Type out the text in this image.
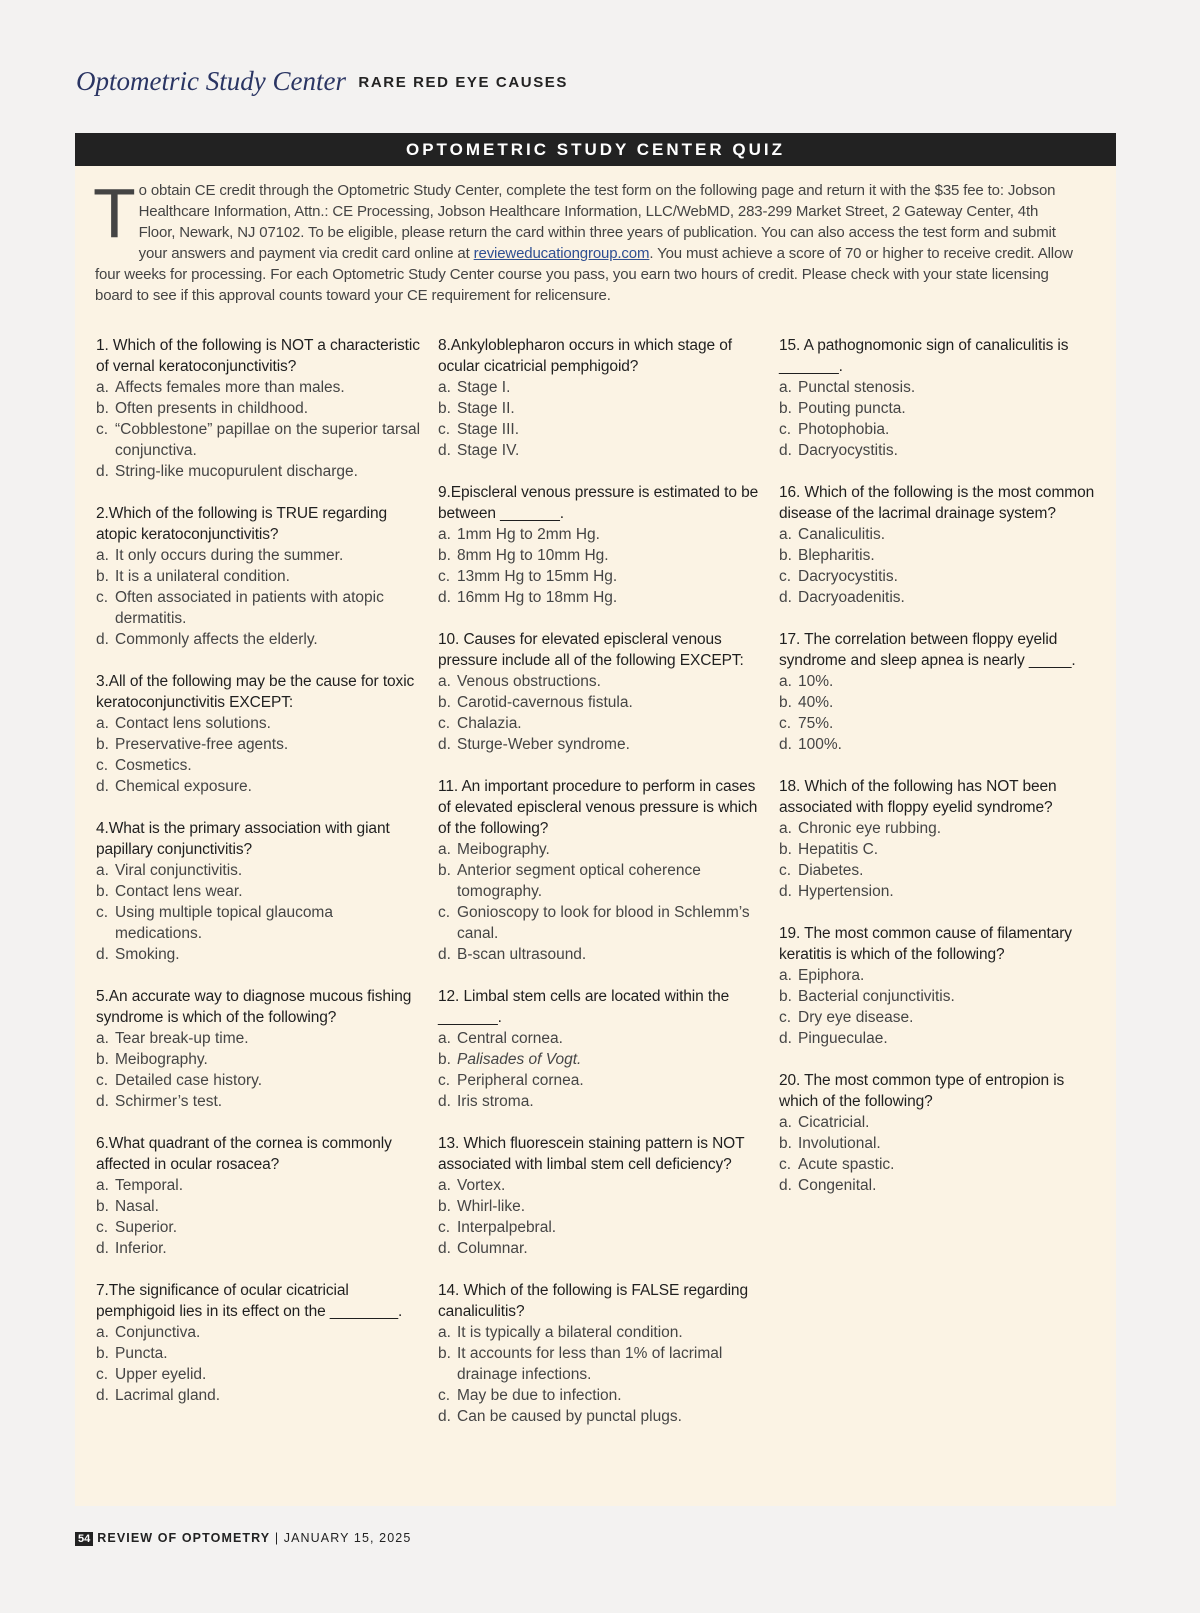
Optometric Study Center RARE RED EYE CAUSES
OPTOMETRIC STUDY CENTER QUIZ
To obtain CE credit through the Optometric Study Center, complete the test form on the following page and return it with the $35 fee to: Jobson Healthcare Information, Attn.: CE Processing, Jobson Healthcare Information, LLC/WebMD, 283-299 Market Street, 2 Gateway Center, 4th Floor, Newark, NJ 07102. To be eligible, please return the card within three years of publication. You can also access the test form and submit your answers and payment via credit card online at revieweducationgroup.com. You must achieve a score of 70 or higher to receive credit. Allow four weeks for processing. For each Optometric Study Center course you pass, you earn two hours of credit. Please check with your state licensing board to see if this approval counts toward your CE requirement for relicensure.
1. Which of the following is NOT a characteristic of vernal keratoconjunctivitis?
a. Affects females more than males.
b. Often presents in childhood.
c. “Cobblestone” papillae on the superior tarsal conjunctiva.
d. String-like mucopurulent discharge.
2.Which of the following is TRUE regarding atopic keratoconjunctivitis?
a. It only occurs during the summer.
b. It is a unilateral condition.
c. Often associated in patients with atopic dermatitis.
d. Commonly affects the elderly.
3.All of the following may be the cause for toxic keratoconjunctivitis EXCEPT:
a. Contact lens solutions.
b. Preservative-free agents.
c. Cosmetics.
d. Chemical exposure.
4.What is the primary association with giant papillary conjunctivitis?
a. Viral conjunctivitis.
b. Contact lens wear.
c. Using multiple topical glaucoma medications.
d. Smoking.
5.An accurate way to diagnose mucous fishing syndrome is which of the following?
a. Tear break-up time.
b. Meibography.
c. Detailed case history.
d. Schirmer’s test.
6.What quadrant of the cornea is commonly affected in ocular rosacea?
a. Temporal.
b. Nasal.
c. Superior.
d. Inferior.
7.The significance of ocular cicatricial pemphigoid lies in its effect on the ________.
a. Conjunctiva.
b. Puncta.
c. Upper eyelid.
d. Lacrimal gland.
8.Ankyloblepharon occurs in which stage of ocular cicatricial pemphigoid?
a. Stage I.
b. Stage II.
c. Stage III.
d. Stage IV.
9.Episcleral venous pressure is estimated to be between _______.
a. 1mm Hg to 2mm Hg.
b. 8mm Hg to 10mm Hg.
c. 13mm Hg to 15mm Hg.
d. 16mm Hg to 18mm Hg.
10. Causes for elevated episcleral venous pressure include all of the following EXCEPT:
a. Venous obstructions.
b. Carotid-cavernous fistula.
c. Chalazia.
d. Sturge-Weber syndrome.
11. An important procedure to perform in cases of elevated episcleral venous pressure is which of the following?
a. Meibography.
b. Anterior segment optical coherence tomography.
c. Gonioscopy to look for blood in Schlemm’s canal.
d. B-scan ultrasound.
12. Limbal stem cells are located within the _______.
a. Central cornea.
b. Palisades of Vogt.
c. Peripheral cornea.
d. Iris stroma.
13. Which fluorescein staining pattern is NOT associated with limbal stem cell deficiency?
a. Vortex.
b. Whirl-like.
c. Interpalpebral.
d. Columnar.
14. Which of the following is FALSE regarding canaliculitis?
a. It is typically a bilateral condition.
b. It accounts for less than 1% of lacrimal drainage infections.
c. May be due to infection.
d. Can be caused by punctal plugs.
15. A pathognomonic sign of canaliculitis is _______.
a. Punctal stenosis.
b. Pouting puncta.
c. Photophobia.
d. Dacryocystitis.
16. Which of the following is the most common disease of the lacrimal drainage system?
a. Canaliculitis.
b. Blepharitis.
c. Dacryocystitis.
d. Dacryoadenitis.
17. The correlation between floppy eyelid syndrome and sleep apnea is nearly _____.
a. 10%.
b. 40%.
c. 75%.
d. 100%.
18. Which of the following has NOT been associated with floppy eyelid syndrome?
a. Chronic eye rubbing.
b. Hepatitis C.
c. Diabetes.
d. Hypertension.
19. The most common cause of filamentary keratitis is which of the following?
a. Epiphora.
b. Bacterial conjunctivitis.
c. Dry eye disease.
d. Pingueculae.
20. The most common type of entropion is which of the following?
a. Cicatricial.
b. Involutional.
c. Acute spastic.
d. Congenital.
54 REVIEW OF OPTOMETRY | JANUARY 15, 2025
